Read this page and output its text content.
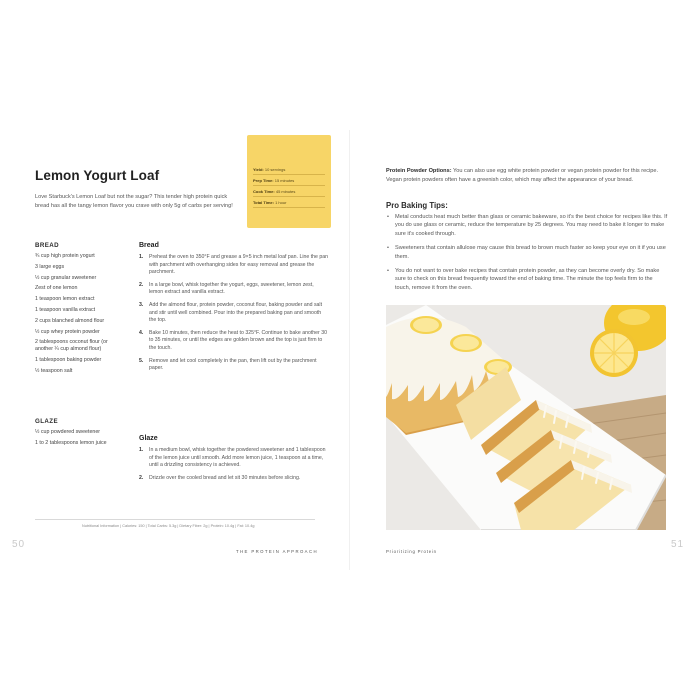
Yield: 10 servings
Prep Time: 15 minutes
Cook Time: 45 minutes
Total Time: 1 hour
Lemon Yogurt Loaf
Love Starbuck's Lemon Loaf but not the sugar? This tender high protein quick bread has all the tangy lemon flavor you crave with only 5g of carbs per serving!
BREAD
¾ cup high protein yogurt
3 large eggs
½ cup granular sweetener
Zest of one lemon
1 teaspoon lemon extract
1 teaspoon vanilla extract
2 cups blanched almond flour
½ cup whey protein powder
2 tablespoons coconut flour (or another ¼ cup almond flour)
1 tablespoon baking powder
½ teaspoon salt
GLAZE
½ cup powdered sweetener
1 to 2 tablespoons lemon juice
Bread
1. Preheat the oven to 350°F and grease a 9×5 inch metal loaf pan. Line the pan with parchment with overhanging sides for easy removal and grease the parchment.
2. In a large bowl, whisk together the yogurt, eggs, sweetener, lemon zest, lemon extract and vanilla extract.
3. Add the almond flour, protein powder, coconut flour, baking powder and salt and stir until well combined. Pour into the prepared baking pan and smooth the top.
4. Bake 10 minutes, then reduce the heat to 325°F. Continue to bake another 30 to 35 minutes, or until the edges are golden brown and the top is just firm to the touch.
5. Remove and let cool completely in the pan, then lift out by the parchment paper.
Glaze
1. In a medium bowl, whisk together the powdered sweetener and 1 tablespoon of the lemon juice until smooth. Add more lemon juice, 1 teaspoon at a time, until a drizzling consistency is achieved.
2. Drizzle over the cooled bread and let sit 30 minutes before slicing.
Nutritional Information | Calories: 150 | Total Carbs: 5.3g | Dietary Fiber: 2g | Protein: 10.4g | Fat: 10.4g
50
THE PROTEIN APPROACH	Prioritizing Protein
51
Protein Powder Options: You can also use egg white protein powder or vegan protein powder for this recipe. Vegan protein powders often have a greenish color, which may affect the appearance of your bread.
Pro Baking Tips:
• Metal conducts heat much better than glass or ceramic bakeware, so it's the best choice for recipes like this. If you do use glass or ceramic, reduce the temperature by 25 degrees. You may need to bake it longer to make sure it's cooked through.
• Sweeteners that contain allulose may cause this bread to brown much faster so keep your eye on it if you use them.
• You do not want to over bake recipes that contain protein powder, as they can become overly dry. So make sure to check on this bread frequently toward the end of baking time. The minute the top feels firm to the touch, remove it from the oven.
